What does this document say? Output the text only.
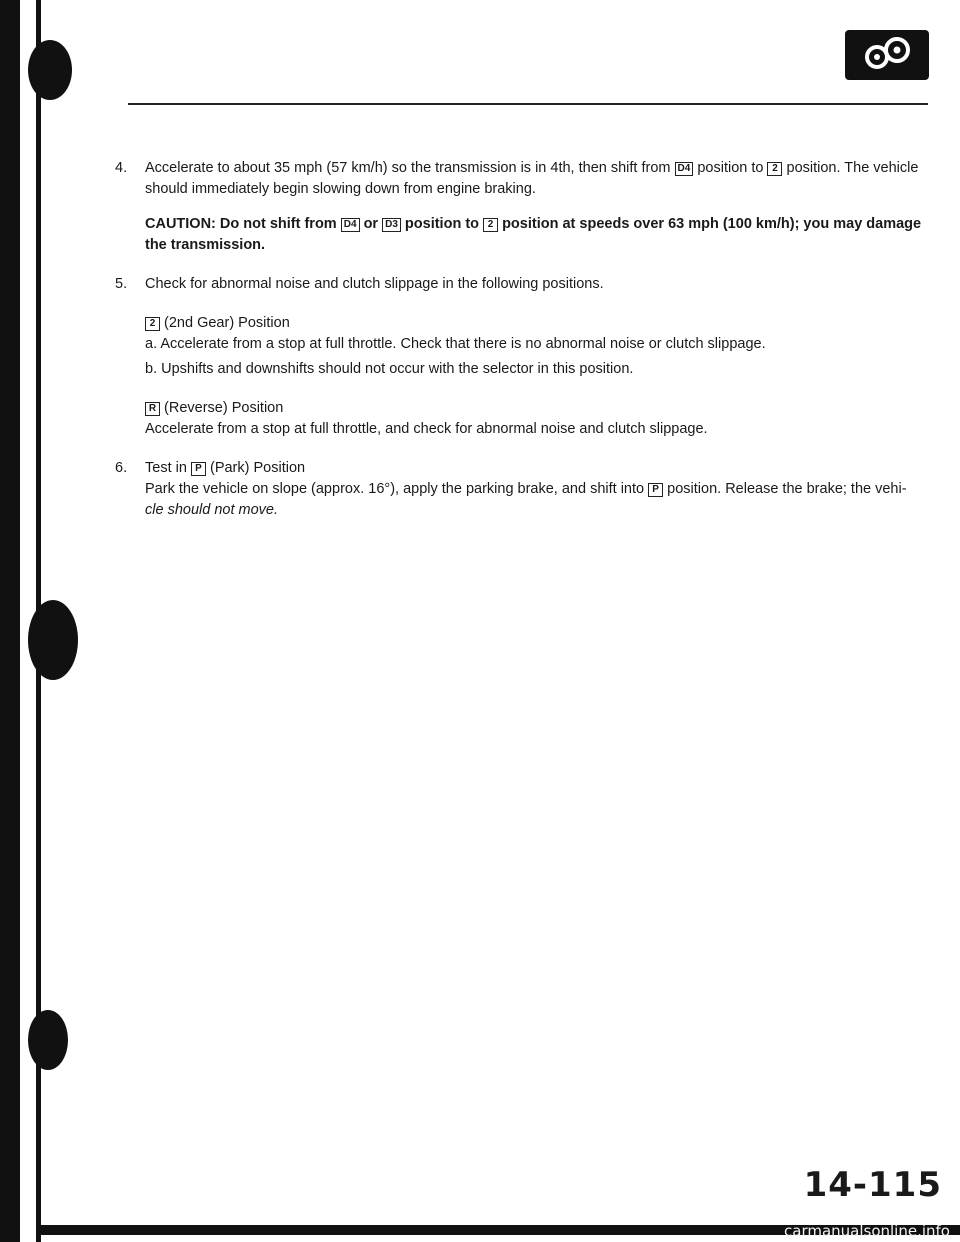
4. Accelerate to about 35 mph (57 km/h) so the transmission is in 4th, then shift from D4 position to 2 position. The vehicle should immediately begin slowing down from engine braking.

CAUTION: Do not shift from D4 or D3 position to 2 position at speeds over 63 mph (100 km/h); you may damage the transmission.

5. Check for abnormal noise and clutch slippage in the following positions.

2 (2nd Gear) Position

a. Accelerate from a stop at full throttle. Check that there is no abnormal noise or clutch slippage.

b. Upshifts and downshifts should not occur with the selector in this position.

R (Reverse) Position

Accelerate from a stop at full throttle, and check for abnormal noise and clutch slippage.

6. Test in P (Park) Position

Park the vehicle on slope (approx. 16°), apply the parking brake, and shift into P position. Release the brake; the vehi-

cle should not move.

14-115
carmanualsonline.info
